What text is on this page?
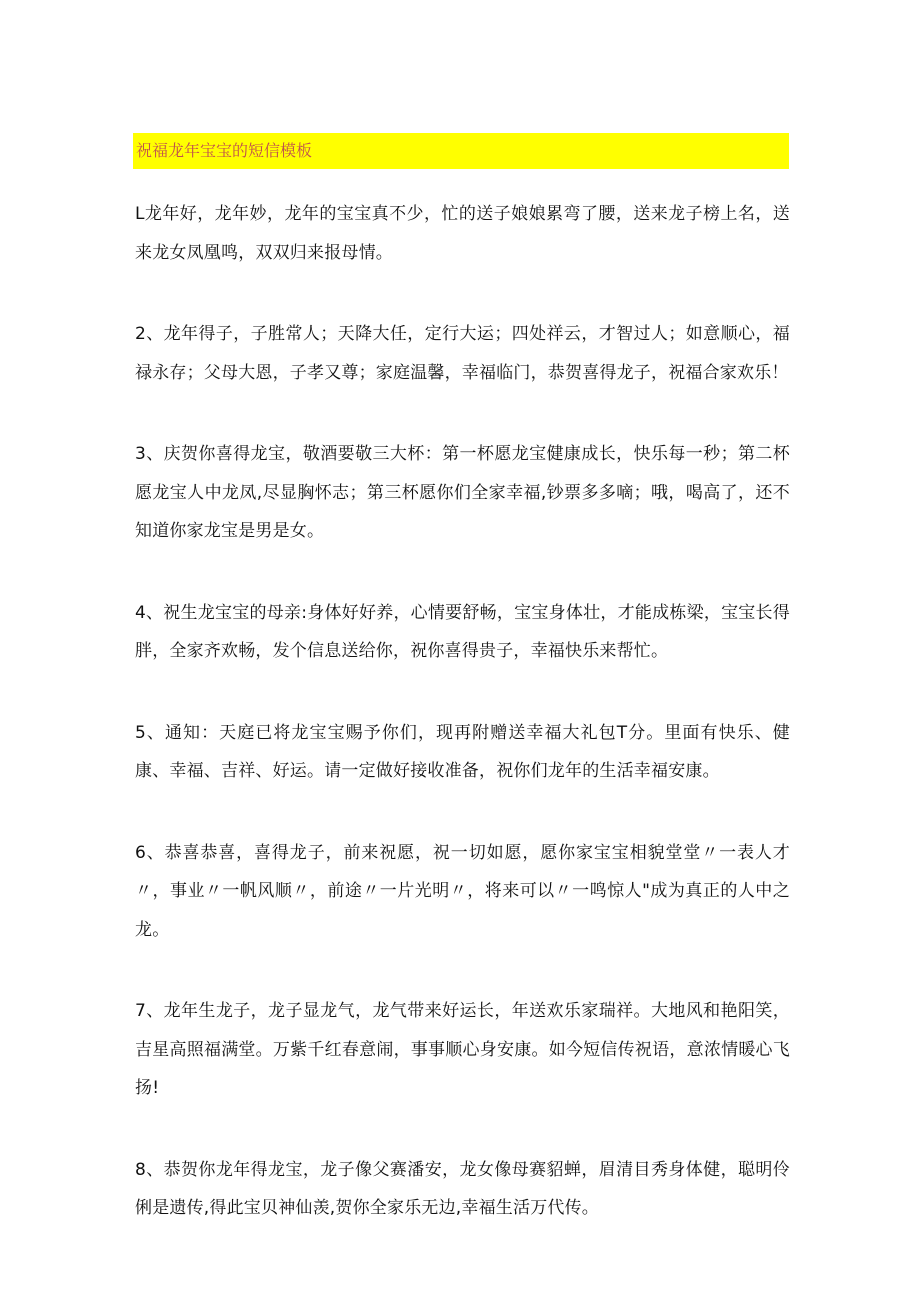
祝福龙年宝宝的短信模板

L龙年好，龙年妙，龙年的宝宝真不少，忙的送子娘娘累弯了腰，送来龙子榜上名，送来龙女凤凰鸣，双双归来报母情。

2、龙年得子，子胜常人；天降大任，定行大运；四处祥云，才智过人；如意顺心，福禄永存；父母大恩，子孝又尊；家庭温馨，幸福临门，恭贺喜得龙子，祝福合家欢乐！

3、庆贺你喜得龙宝，敬酒要敬三大杯：第一杯愿龙宝健康成长，快乐每一秒；第二杯愿龙宝人中龙凤,尽显胸怀志；第三杯愿你们全家幸福,钞票多多嘀；哦，喝高了，还不知道你家龙宝是男是女。

4、祝生龙宝宝的母亲:身体好好养，心情要舒畅，宝宝身体壮，才能成栋梁，宝宝长得胖，全家齐欢畅，发个信息送给你，祝你喜得贵子，幸福快乐来帮忙。

5、通知：天庭已将龙宝宝赐予你们，现再附赠送幸福大礼包T分。里面有快乐、健康、幸福、吉祥、好运。请一定做好接收准备，祝你们龙年的生活幸福安康。

6、恭喜恭喜，喜得龙子，前来祝愿，祝一切如愿，愿你家宝宝相貌堂堂〃一表人才〃，事业〃一帆风顺〃，前途〃一片光明〃，将来可以〃一鸣惊人"成为真正的人中之龙。

7、龙年生龙子，龙子显龙气，龙气带来好运长，年送欢乐家瑞祥。大地风和艳阳笑，吉星高照福满堂。万紫千红春意闹，事事顺心身安康。如今短信传祝语，意浓情暖心飞扬!

8、恭贺你龙年得龙宝，龙子像父赛潘安，龙女像母赛貂蝉，眉清目秀身体健，聪明伶俐是遗传,得此宝贝神仙羡,贺你全家乐无边,幸福生活万代传。
